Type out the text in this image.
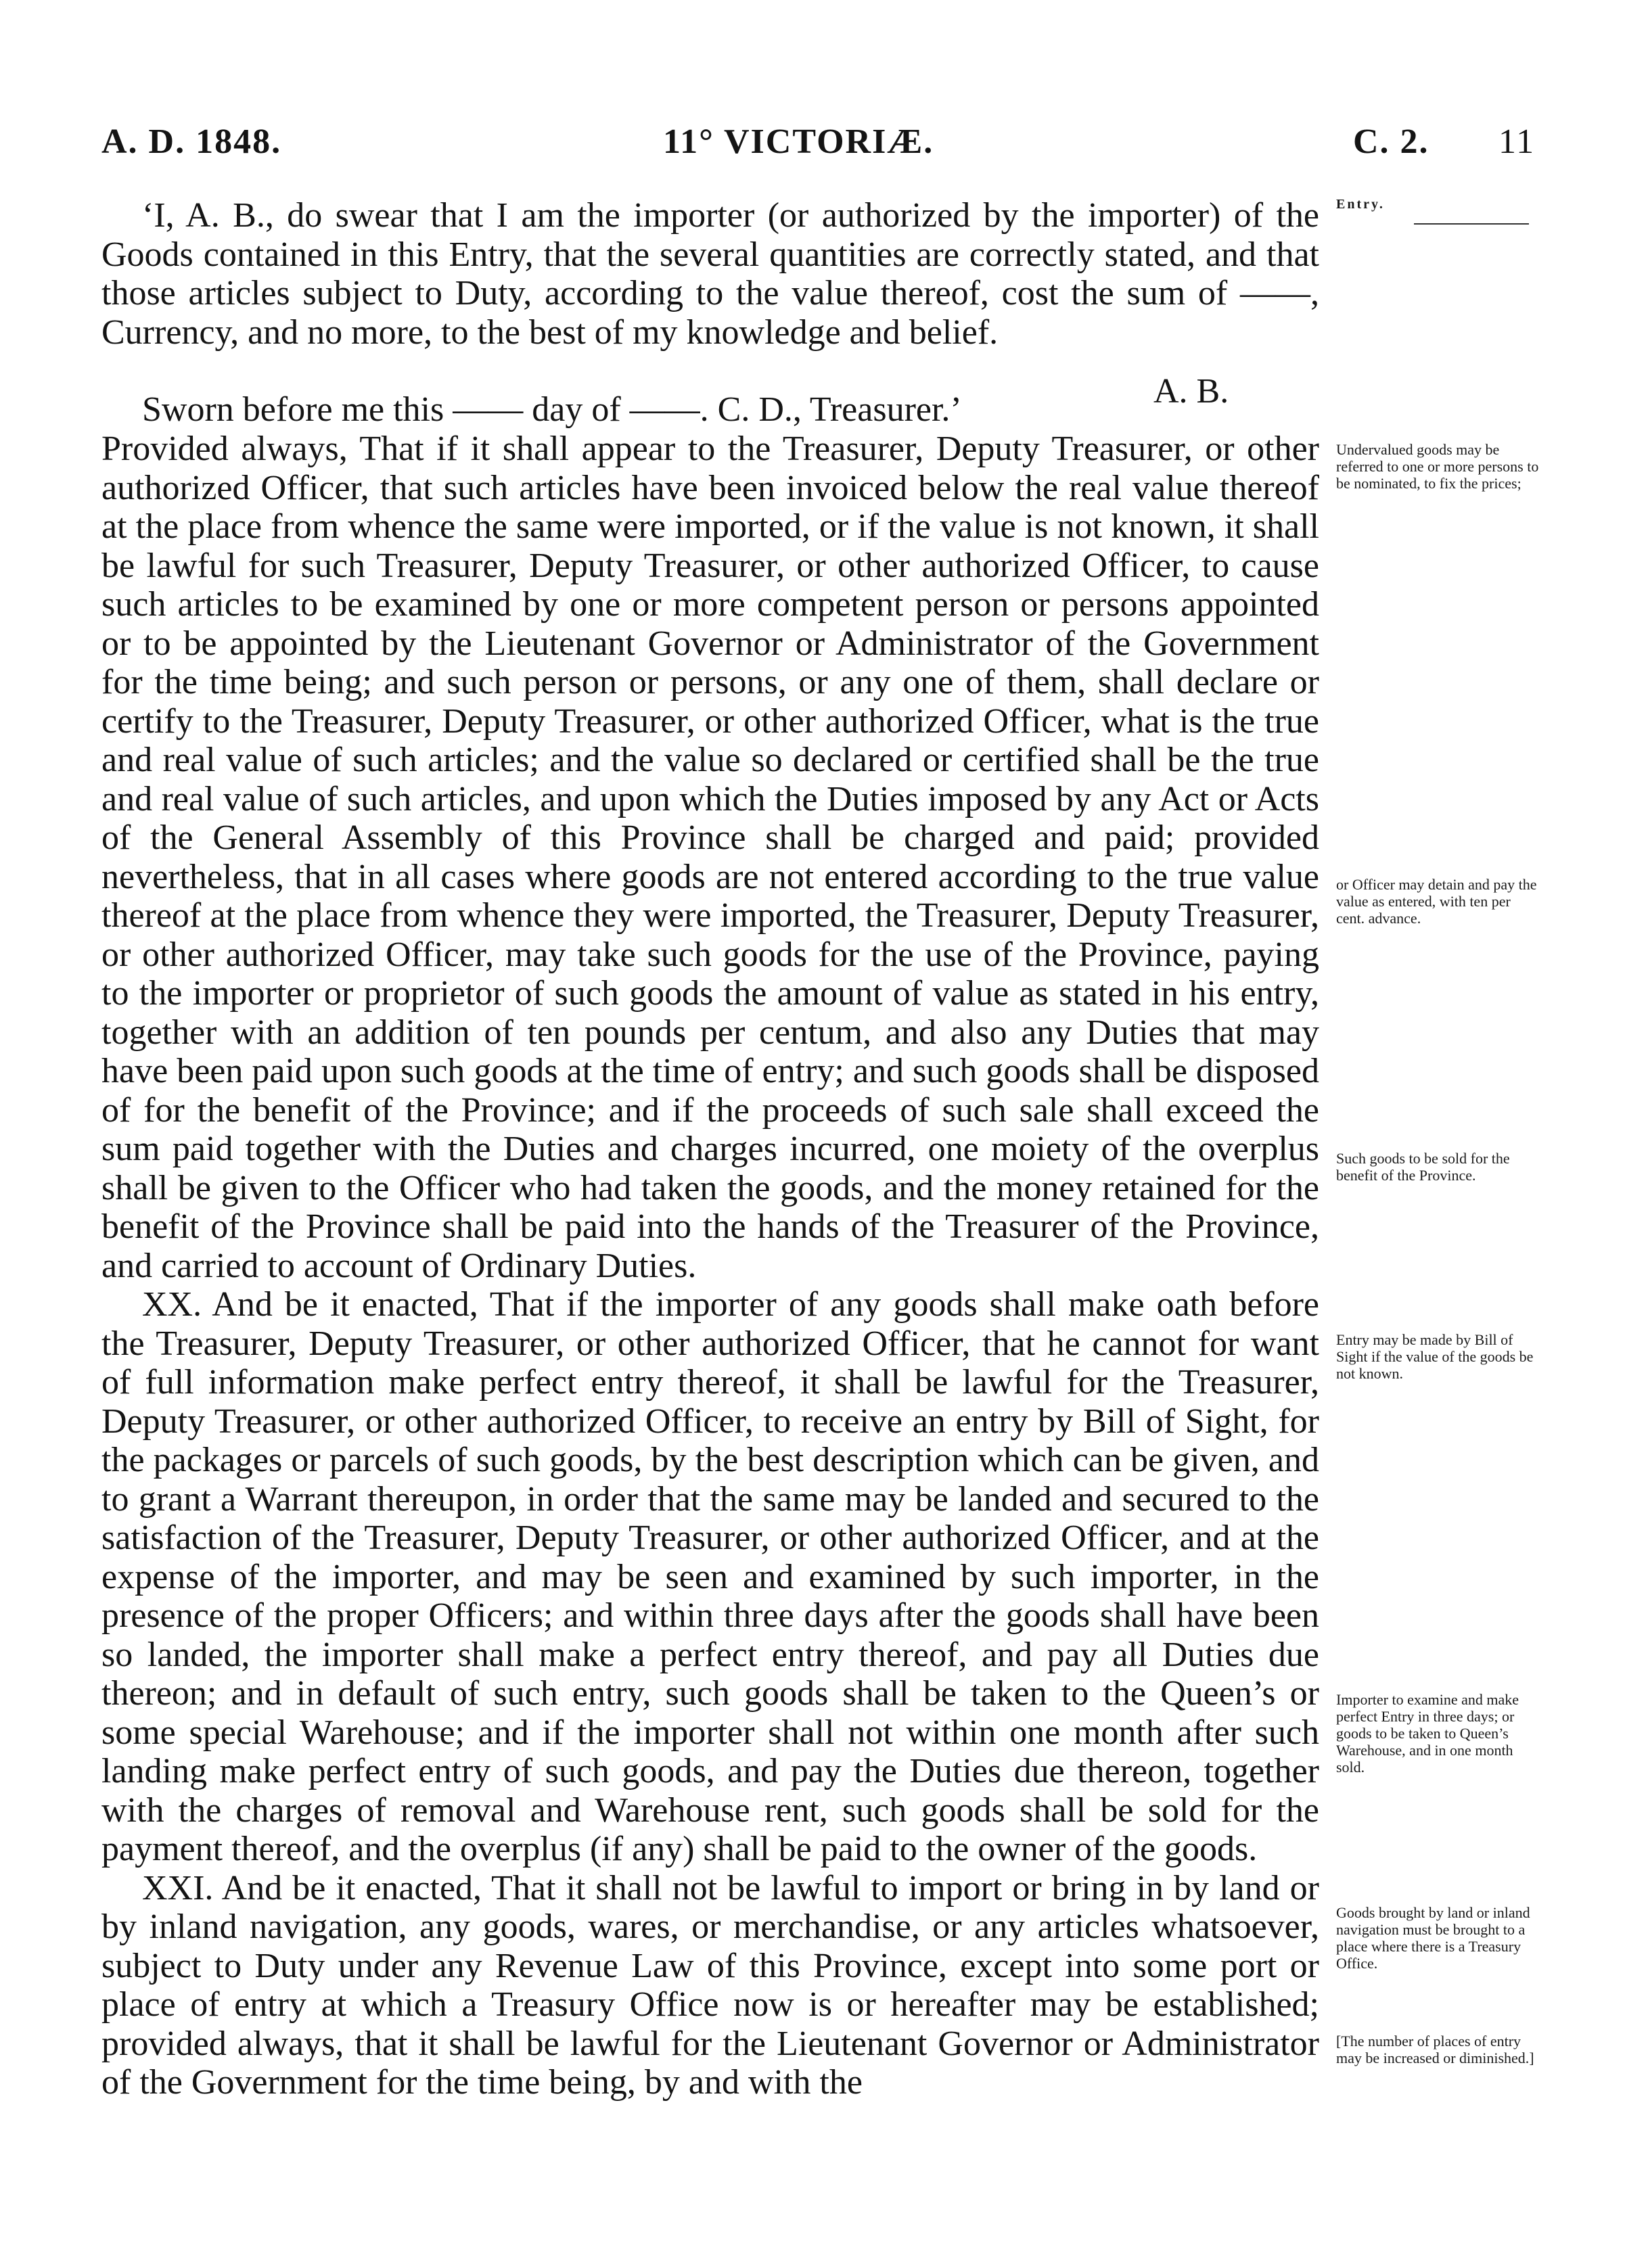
A. D. 1848.	11° VICTORIÆ.	C. 2. 11

‘I, A. B., do swear that I am the importer (or authorized by the importer) of the Goods contained in this Entry, that the several quantities are correctly stated, and that those articles subject to Duty, according to the value thereof, cost the sum of ——, Currency, and no more, to the best of my knowledge and belief.

A. B.
Sworn before me this —— day of ——. C. D., Treasurer.’

Provided always, That if it shall appear to the Treasurer, Deputy Treasurer, or other authorized Officer, that such articles have been invoiced below the real value thereof at the place from whence the same were imported, or if the value is not known, it shall be lawful for such Treasurer, Deputy Treasurer, or other authorized Officer, to cause such articles to be examined by one or more competent person or persons appointed or to be appointed by the Lieutenant Governor or Administrator of the Government for the time being; and such person or persons, or any one of them, shall declare or certify to the Treasurer, Deputy Treasurer, or other authorized Officer, what is the true and real value of such articles; and the value so declared or certified shall be the true and real value of such articles, and upon which the Duties imposed by any Act or Acts of the General Assembly of this Province shall be charged and paid; provided nevertheless, that in all cases where goods are not entered according to the true value thereof at the place from whence they were imported, the Treasurer, Deputy Treasurer, or other authorized Officer, may take such goods for the use of the Province, paying to the importer or proprietor of such goods the amount of value as stated in his entry, together with an addition of ten pounds per centum, and also any Duties that may have been paid upon such goods at the time of entry; and such goods shall be disposed of for the benefit of the Province; and if the proceeds of such sale shall exceed the sum paid together with the Duties and charges incurred, one moiety of the overplus shall be given to the Officer who had taken the goods, and the money retained for the benefit of the Province shall be paid into the hands of the Treasurer of the Province, and carried to account of Ordinary Duties.

XX. And be it enacted, That if the importer of any goods shall make oath before the Treasurer, Deputy Treasurer, or other authorized Officer, that he cannot for want of full information make perfect entry thereof, it shall be lawful for the Treasurer, Deputy Treasurer, or other authorized Officer, to receive an entry by Bill of Sight, for the packages or parcels of such goods, by the best description which can be given, and to grant a Warrant thereupon, in order that the same may be landed and secured to the satisfaction of the Treasurer, Deputy Treasurer, or other authorized Officer, and at the expense of the importer, and may be seen and examined by such importer, in the presence of the proper Officers; and within three days after the goods shall have been so landed, the importer shall make a perfect entry thereof, and pay all Duties due thereon; and in default of such entry, such goods shall be taken to the Queen’s or some special Warehouse; and if the importer shall not within one month after such landing make perfect entry of such goods, and pay the Duties due thereon, together with the charges of removal and Warehouse rent, such goods shall be sold for the payment thereof, and the overplus (if any) shall be paid to the owner of the goods.

XXI. And be it enacted, That it shall not be lawful to import or bring in by land or by inland navigation, any goods, wares, or merchandise, or any articles whatsoever, subject to Duty under any Revenue Law of this Province, except into some port or place of entry at which a Treasury Office now is or hereafter may be established; provided always, that it shall be lawful for the Lieutenant Governor or Administrator of the Government for the time being, by and with the

Entry.
Undervalued goods may be referred to one or more persons to be nominated, to fix the prices;
or Officer may detain and pay the value as entered, with ten per cent. advance.
Such goods to be sold for the benefit of the Province.
Entry may be made by Bill of Sight if the value of the goods be not known.
Importer to examine and make perfect Entry in three days; or goods to be taken to Queen’s Warehouse, and in one month sold.
Goods brought by land or inland navigation must be brought to a place where there is a Treasury Office.
[The number of places of entry may be increased or diminished.]
